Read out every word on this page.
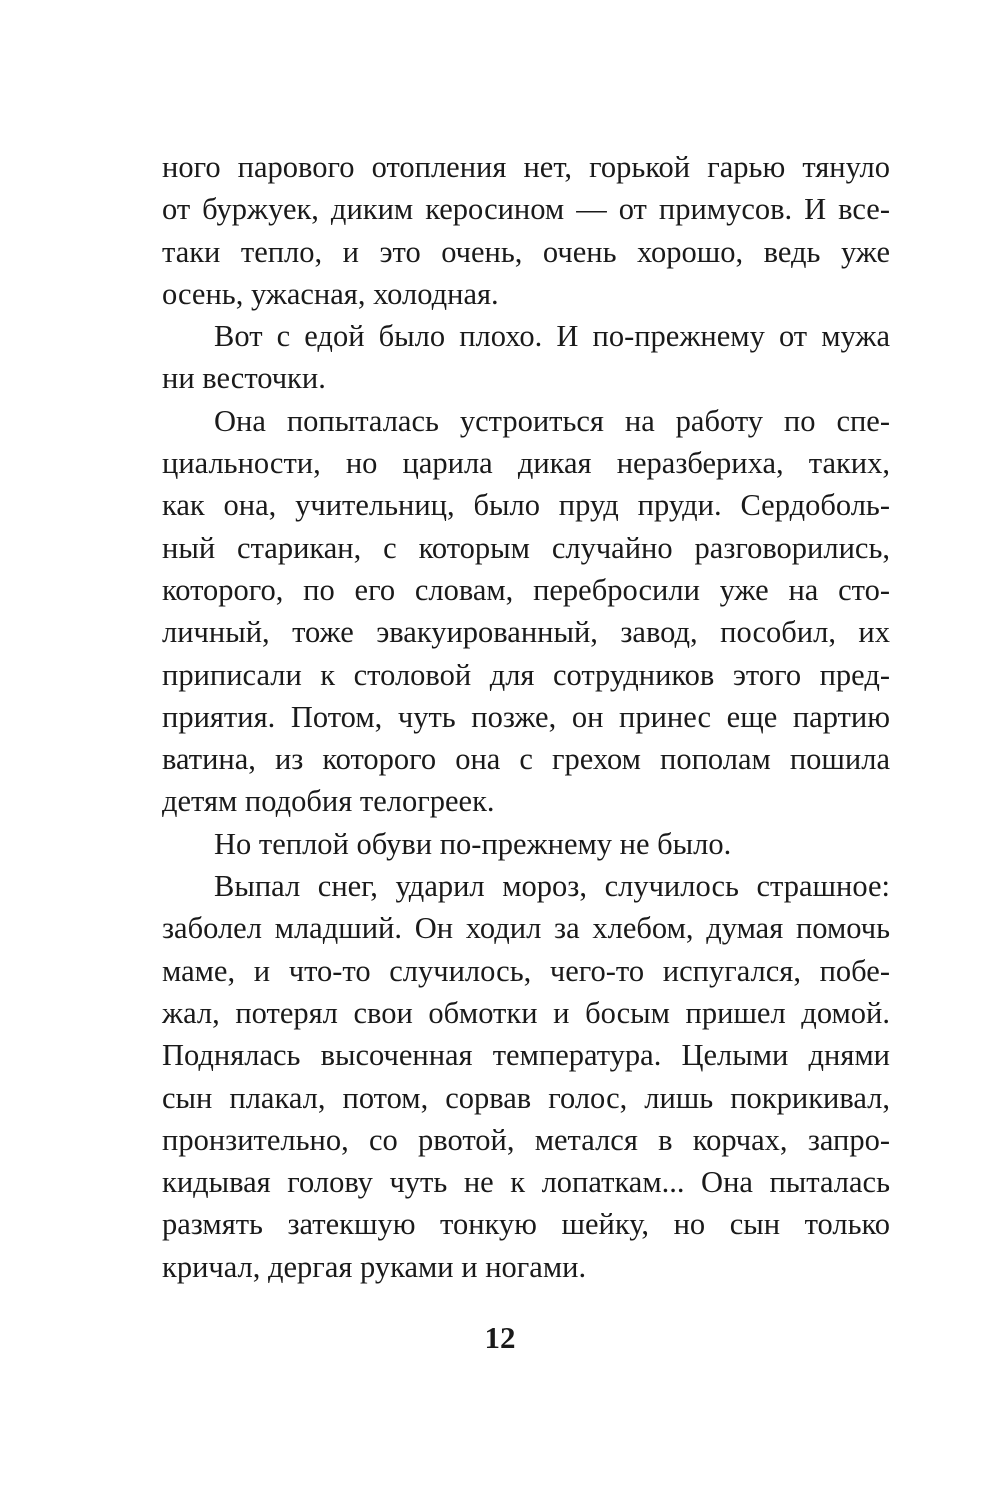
ного парового отопления нет, горькой гарью тянуло
от буржуек, диким керосином — от примусов. И все-
таки тепло, и это очень, очень хорошо, ведь уже
осень, ужасная, холодная.
Вот с едой было плохо. И по-прежнему от мужа
ни весточки.
Она попыталась устроиться на работу по спе-
циальности, но царила дикая неразбериха, таких,
как она, учительниц, было пруд пруди. Сердоболь-
ный старикан, с которым случайно разговорились,
которого, по его словам, перебросили уже на сто-
личный, тоже эвакуированный, завод, пособил, их
приписали к столовой для сотрудников этого пред-
приятия. Потом, чуть позже, он принес еще партию
ватина, из которого она с грехом пополам пошила
детям подобия телогреек.
Но теплой обуви по-прежнему не было.
Выпал снег, ударил мороз, случилось страшное:
заболел младший. Он ходил за хлебом, думая помочь
маме, и что-то случилось, чего-то испугался, побе-
жал, потерял свои обмотки и босым пришел домой.
Поднялась высоченная температура. Целыми днями
сын плакал, потом, сорвав голос, лишь покрикивал,
пронзительно, со рвотой, метался в корчах, запро-
кидывая голову чуть не к лопаткам... Она пыталась
размять затекшую тонкую шейку, но сын только
кричал, дергая руками и ногами.
12
